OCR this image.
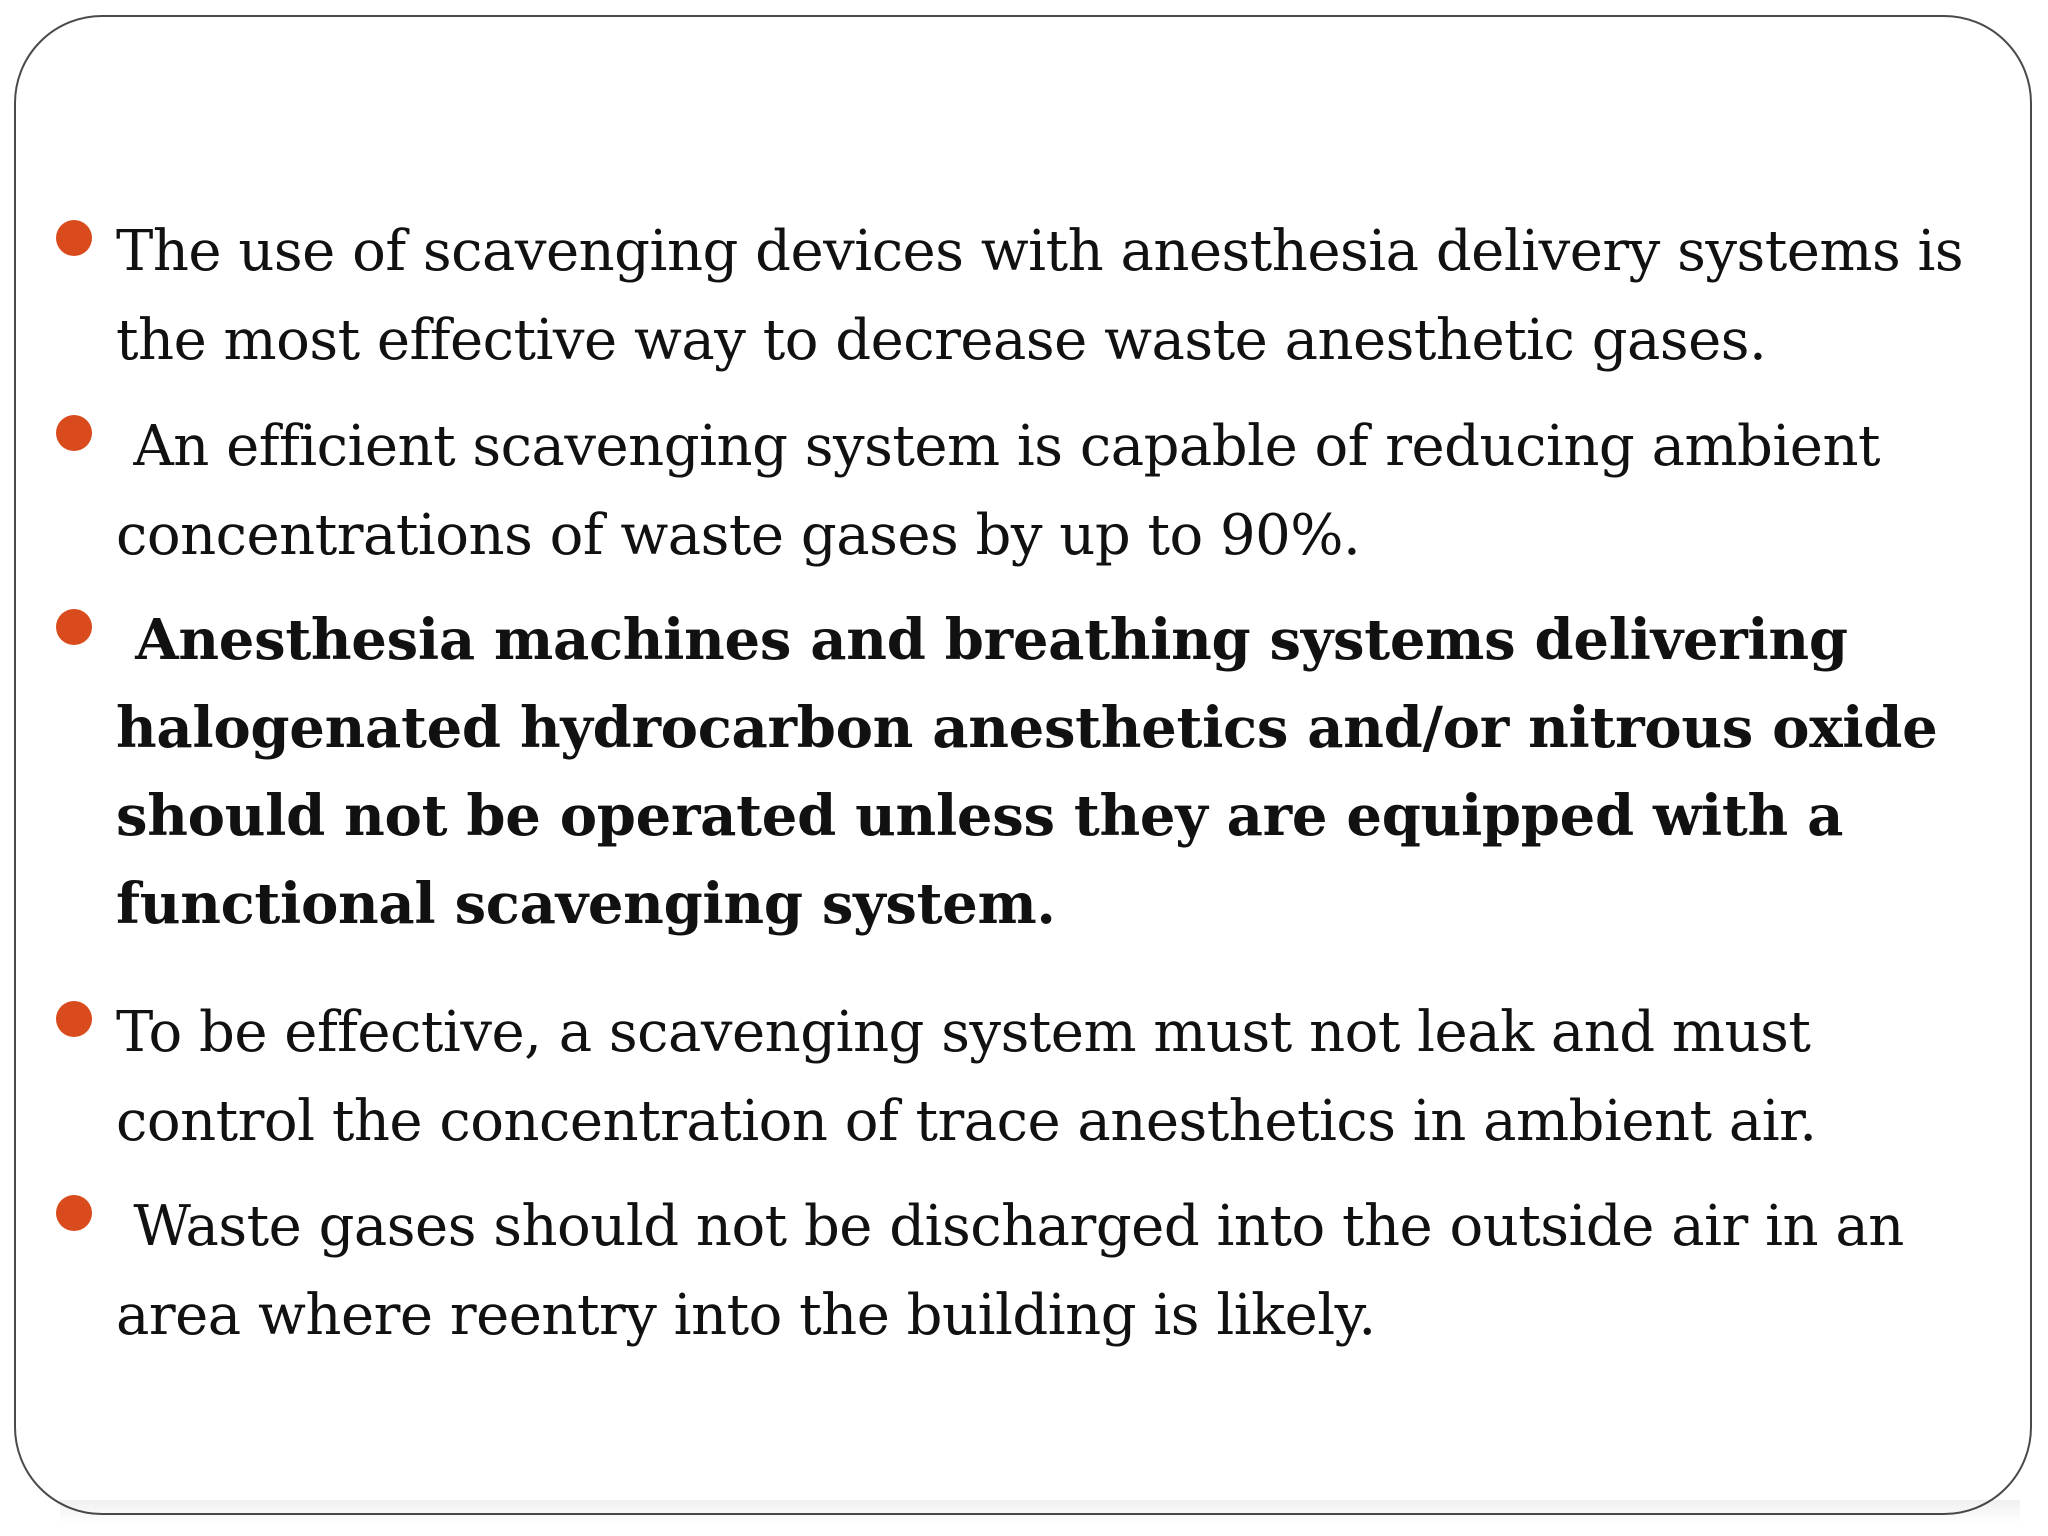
The use of scavenging devices with anesthesia delivery systems is the most effective way to decrease waste anesthetic gases.
An efficient scavenging system is capable of reducing ambient concentrations of waste gases by up to 90%.
Anesthesia machines and breathing systems delivering halogenated hydrocarbon anesthetics and/or nitrous oxide should not be operated unless they are equipped with a functional scavenging system.
To be effective, a scavenging system must not leak and must control the concentration of trace anesthetics in ambient air.
Waste gases should not be discharged into the outside air in an area where reentry into the building is likely.
